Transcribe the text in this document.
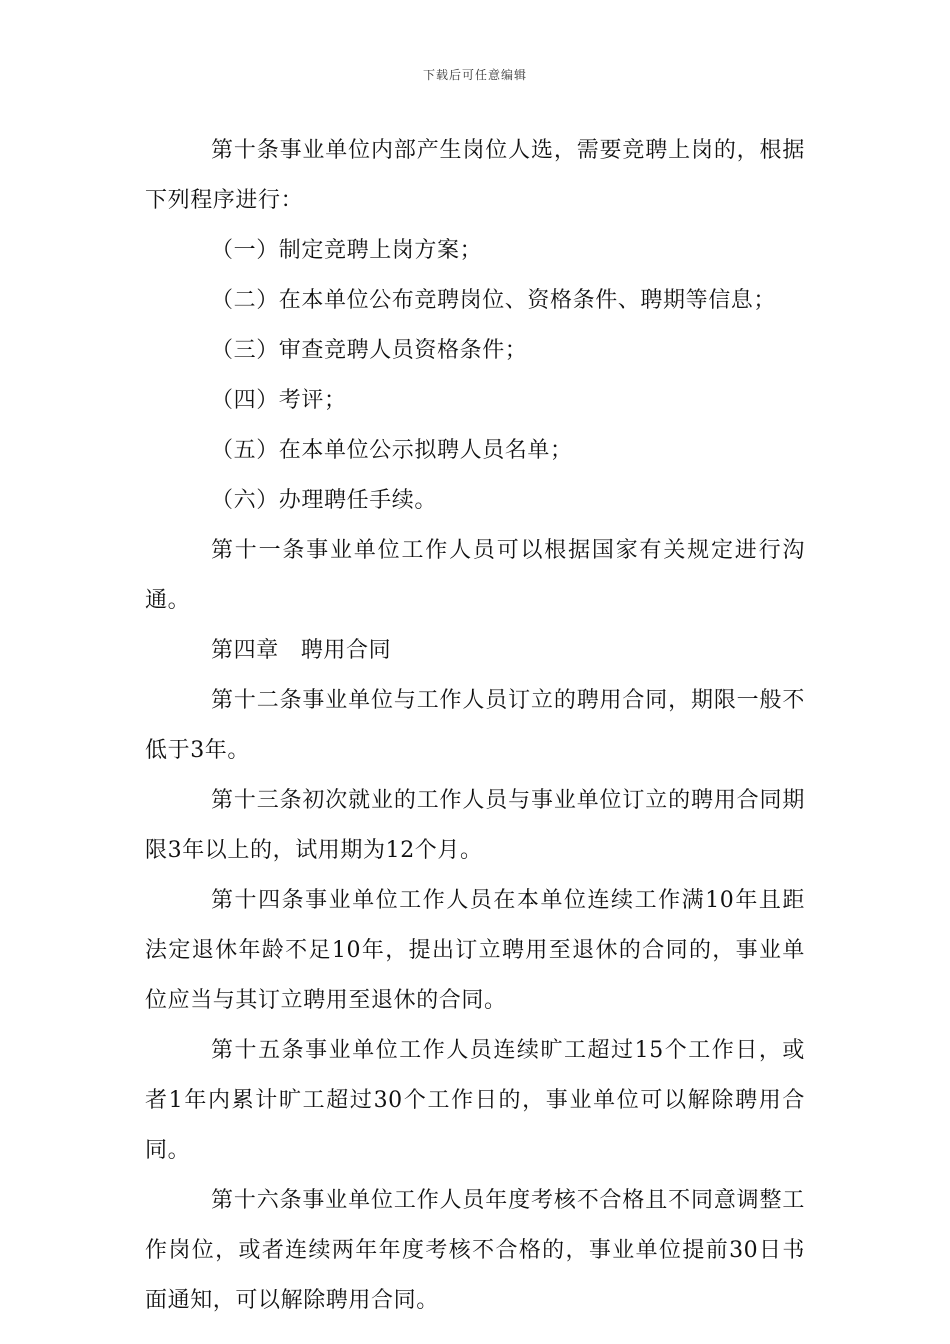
下载后可任意编辑

第十条事业单位内部产生岗位人选，需要竞聘上岗的，根据下列程序进行：

（一）制定竞聘上岗方案；

（二）在本单位公布竞聘岗位、资格条件、聘期等信息；

（三）审查竞聘人员资格条件；

（四）考评；

（五）在本单位公示拟聘人员名单；

（六）办理聘任手续。

第十一条事业单位工作人员可以根据国家有关规定进行沟通。

第四章 聘用合同

第十二条事业单位与工作人员订立的聘用合同，期限一般不低于3年。

第十三条初次就业的工作人员与事业单位订立的聘用合同期限3年以上的，试用期为12个月。

第十四条事业单位工作人员在本单位连续工作满10年且距法定退休年龄不足10年，提出订立聘用至退休的合同的，事业单位应当与其订立聘用至退休的合同。

第十五条事业单位工作人员连续旷工超过15个工作日，或者1年内累计旷工超过30个工作日的，事业单位可以解除聘用合同。

第十六条事业单位工作人员年度考核不合格且不同意调整工作岗位，或者连续两年年度考核不合格的，事业单位提前30日书面通知，可以解除聘用合同。
